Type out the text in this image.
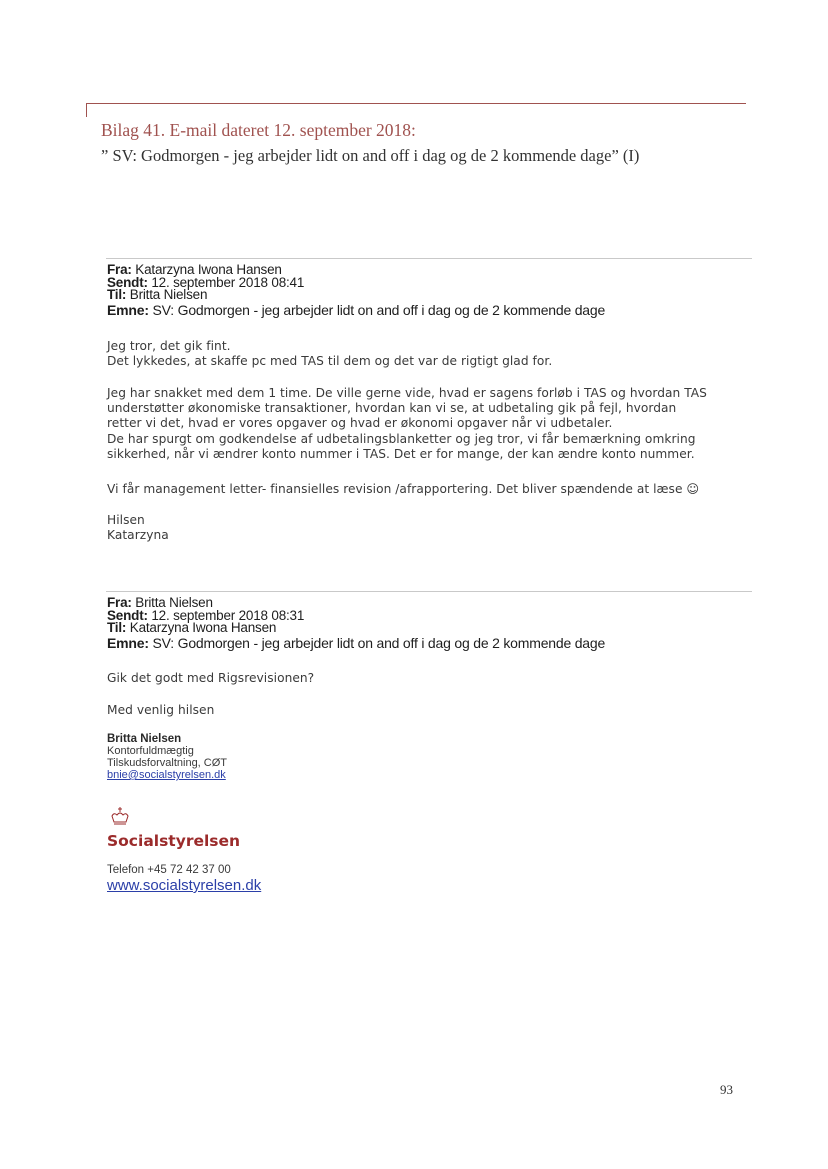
Bilag 41. E-mail dateret 12. september 2018:
” SV: Godmorgen - jeg arbejder lidt on and off i dag og de 2 kommende dage” (I)
Fra: Katarzyna Iwona Hansen
Sendt: 12. september 2018 08:41
Til: Britta Nielsen
Emne: SV: Godmorgen - jeg arbejder lidt on and off i dag og de 2 kommende dage
Jeg tror, det gik fint.
Det lykkedes, at skaffe pc med TAS til dem og det var de rigtigt glad for.
Jeg har snakket med dem 1 time. De ville gerne vide, hvad er sagens forløb i TAS og hvordan TAS
understøtter økonomiske transaktioner, hvordan kan vi se, at udbetaling gik på fejl, hvordan
retter vi det, hvad er vores opgaver og hvad er økonomi opgaver når vi udbetaler.
De har spurgt om godkendelse af udbetalingsblanketter og jeg tror, vi får bemærkning omkring
sikkerhed, når vi ændrer konto nummer i TAS. Det er for mange, der kan ændre konto nummer.
Vi får management letter- finansielles revision /afrapportering. Det bliver spændende at læse ☺
Hilsen
Katarzyna
Fra: Britta Nielsen
Sendt: 12. september 2018 08:31
Til: Katarzyna Iwona Hansen
Emne: SV: Godmorgen - jeg arbejder lidt on and off i dag og de 2 kommende dage
Gik det godt med Rigsrevisionen?
Med venlig hilsen
Britta Nielsen
Kontorfuldmægtig
Tilskudsforvaltning, CØT
bnie@socialstyrelsen.dk
Socialstyrelsen
Telefon +45 72 42 37 00
www.socialstyrelsen.dk
93
